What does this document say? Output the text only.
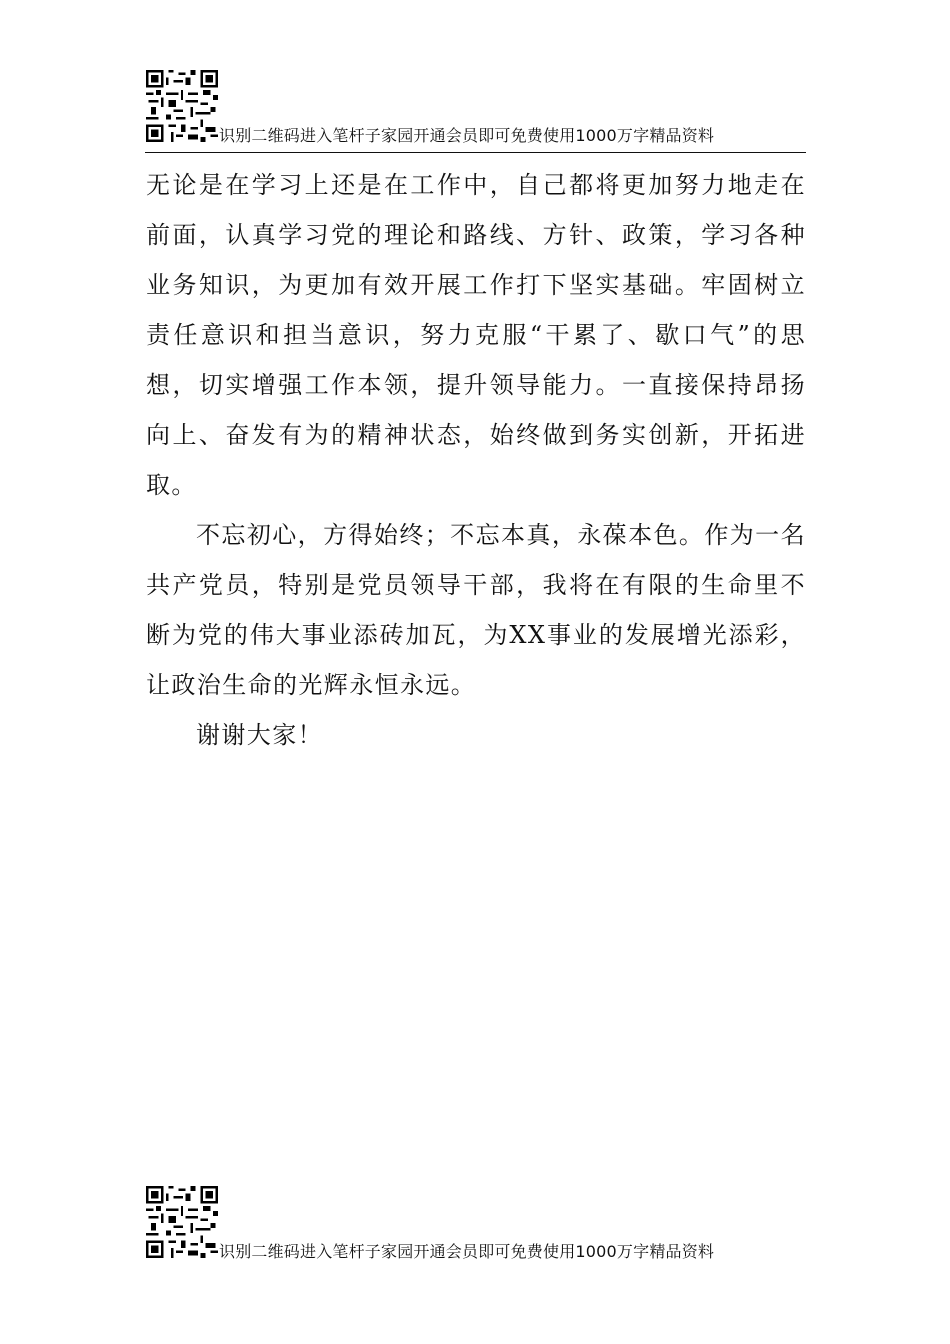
识别二维码进入笔杆子家园开通会员即可免费使用1000万字精品资料

无论是在学习上还是在工作中，自己都将更加努力地走在前面，认真学习党的理论和路线、方针、政策，学习各种业务知识，为更加有效开展工作打下坚实基础。牢固树立责任意识和担当意识，努力克服“干累了、歇口气”的思想，切实增强工作本领，提升领导能力。一直接保持昂扬向上、奋发有为的精神状态，始终做到务实创新，开拓进取。

不忘初心，方得始终；不忘本真，永葆本色。作为一名共产党员，特别是党员领导干部，我将在有限的生命里不断为党的伟大事业添砖加瓦，为XX事业的发展增光添彩，让政治生命的光辉永恒永远。

谢谢大家！

识别二维码进入笔杆子家园开通会员即可免费使用1000万字精品资料
